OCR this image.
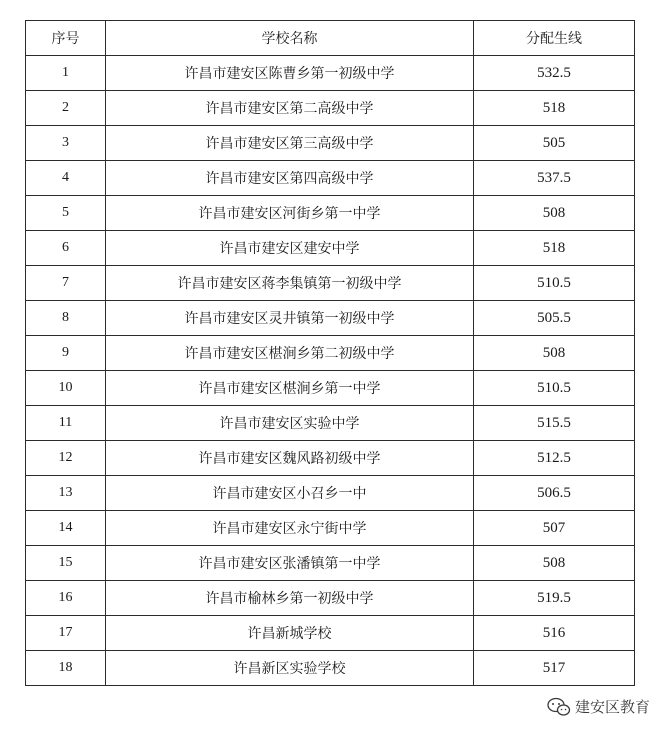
序号	学校名称	分配生线
1	许昌市建安区陈曹乡第一初级中学	532.5
2	许昌市建安区第二高级中学	518
3	许昌市建安区第三高级中学	505
4	许昌市建安区第四高级中学	537.5
5	许昌市建安区河街乡第一中学	508
6	许昌市建安区建安中学	518
7	许昌市建安区蒋李集镇第一初级中学	510.5
8	许昌市建安区灵井镇第一初级中学	505.5
9	许昌市建安区椹涧乡第二初级中学	508
10	许昌市建安区椹涧乡第一中学	510.5
11	许昌市建安区实验中学	515.5
12	许昌市建安区魏风路初级中学	512.5
13	许昌市建安区小召乡一中	506.5
14	许昌市建安区永宁街中学	507
15	许昌市建安区张潘镇第一中学	508
16	许昌市榆林乡第一初级中学	519.5
17	许昌新城学校	516
18	许昌新区实验学校	517
建安区教育
